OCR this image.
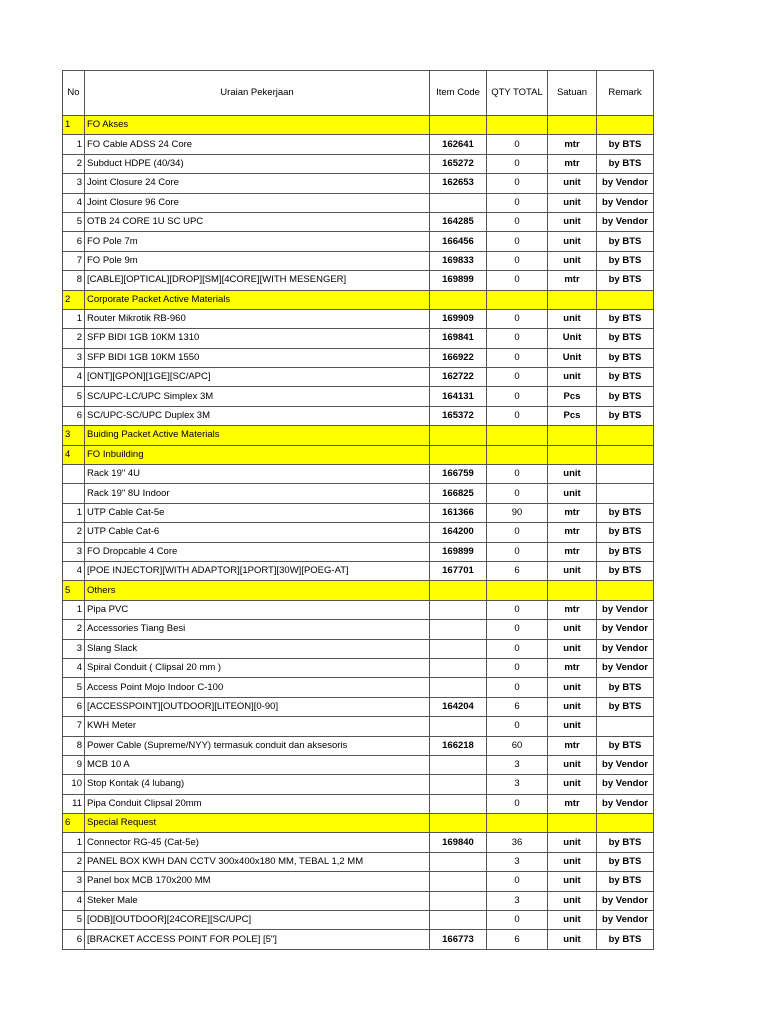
No	Uraian Pekerjaan	Item Code	QTY TOTAL	Satuan	Remark
1	FO Akses				
1	FO Cable ADSS 24 Core	162641	0	mtr	by BTS
2	Subduct HDPE (40/34)	165272	0	mtr	by BTS
3	Joint Closure 24 Core	162653	0	unit	by Vendor
4	Joint Closure 96 Core		0	unit	by Vendor
5	OTB 24 CORE 1U SC UPC	164285	0	unit	by Vendor
6	FO Pole 7m	166456	0	unit	by BTS
7	FO Pole 9m	169833	0	unit	by BTS
8	[CABLE][OPTICAL][DROP][SM][4CORE][WITH MESENGER]	169899	0	mtr	by BTS
2	Corporate Packet Active Materials				
1	Router Mikrotik RB-960	169909	0	unit	by BTS
2	SFP BIDI 1GB 10KM 1310	169841	0	Unit	by BTS
3	SFP BIDI 1GB 10KM 1550	166922	0	Unit	by BTS
4	[ONT][GPON][1GE][SC/APC]	162722	0	unit	by BTS
5	SC/UPC-LC/UPC Simplex 3M	164131	0	Pcs	by BTS
6	SC/UPC-SC/UPC Duplex 3M	165372	0	Pcs	by BTS
3	Buiding Packet Active Materials				
4	FO Inbuilding				
	Rack 19" 4U	166759	0	unit	
	Rack 19" 8U Indoor	166825	0	unit	
1	UTP Cable Cat-5e	161366	90	mtr	by BTS
2	UTP Cable Cat-6	164200	0	mtr	by BTS
3	FO Dropcable 4 Core	169899	0	mtr	by BTS
4	[POE INJECTOR][WITH ADAPTOR][1PORT][30W][POEG-AT]	167701	6	unit	by BTS
5	Others				
1	Pipa PVC		0	mtr	by Vendor
2	Accessories Tiang Besi		0	unit	by Vendor
3	Slang Slack		0	unit	by Vendor
4	Spiral Conduit ( Clipsal 20 mm )		0	mtr	by Vendor
5	Access Point Mojo Indoor C-100		0	unit	by BTS
6	[ACCESSPOINT][OUTDOOR][LITEON][0-90]	164204	6	unit	by BTS
7	KWH Meter		0	unit	
8	Power Cable (Supreme/NYY) termasuk conduit dan aksesoris	166218	60	mtr	by BTS
9	MCB 10 A		3	unit	by Vendor
10	Stop Kontak (4 lubang)		3	unit	by Vendor
11	Pipa Conduit Clipsal 20mm		0	mtr	by Vendor
6	Special Request				
1	Connector RG-45 (Cat-5e)	169840	36	unit	by BTS
2	PANEL BOX KWH DAN CCTV 300x400x180 MM, TEBAL 1,2 MM		3	unit	by BTS
3	Panel box MCB 170x200 MM		0	unit	by BTS
4	Steker Male		3	unit	by Vendor
5	[ODB][OUTDOOR][24CORE][SC/UPC]		0	unit	by Vendor
6	[BRACKET ACCESS POINT FOR POLE] [5"]	166773	6	unit	by BTS
